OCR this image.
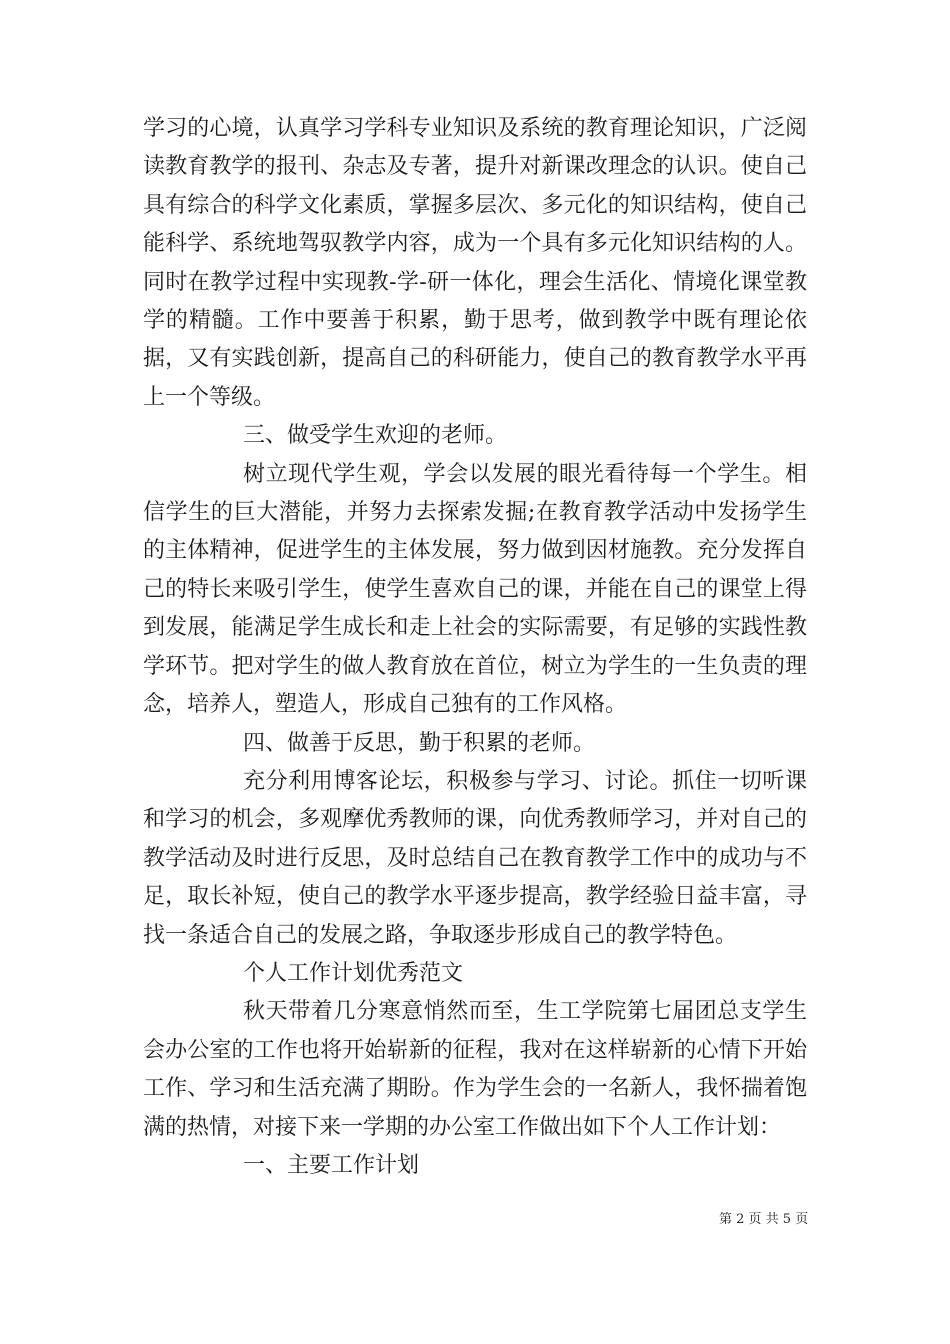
学习的心境，认真学习学科专业知识及系统的教育理论知识，广泛阅读教育教学的报刊、杂志及专著，提升对新课改理念的认识。使自己具有综合的科学文化素质，掌握多层次、多元化的知识结构，使自己能科学、系统地驾驭教学内容，成为一个具有多元化知识结构的人。同时在教学过程中实现教-学-研一体化，理会生活化、情境化课堂教学的精髓。工作中要善于积累，勤于思考，做到教学中既有理论依据，又有实践创新，提高自己的科研能力，使自己的教育教学水平再上一个等级。

三、做受学生欢迎的老师。

树立现代学生观，学会以发展的眼光看待每一个学生。相信学生的巨大潜能，并努力去探索发掘;在教育教学活动中发扬学生的主体精神，促进学生的主体发展，努力做到因材施教。充分发挥自己的特长来吸引学生，使学生喜欢自己的课，并能在自己的课堂上得到发展，能满足学生成长和走上社会的实际需要，有足够的实践性教学环节。把对学生的做人教育放在首位，树立为学生的一生负责的理念，培养人，塑造人，形成自己独有的工作风格。

四、做善于反思，勤于积累的老师。

充分利用博客论坛，积极参与学习、讨论。抓住一切听课和学习的机会，多观摩优秀教师的课，向优秀教师学习，并对自己的教学活动及时进行反思，及时总结自己在教育教学工作中的成功与不足，取长补短，使自己的教学水平逐步提高，教学经验日益丰富，寻找一条适合自己的发展之路，争取逐步形成自己的教学特色。

个人工作计划优秀范文

秋天带着几分寒意悄然而至，生工学院第七届团总支学生会办公室的工作也将开始崭新的征程，我对在这样崭新的心情下开始工作、学习和生活充满了期盼。作为学生会的一名新人，我怀揣着饱满的热情，对接下来一学期的办公室工作做出如下个人工作计划：

一、主要工作计划

第 2 页 共 5 页
